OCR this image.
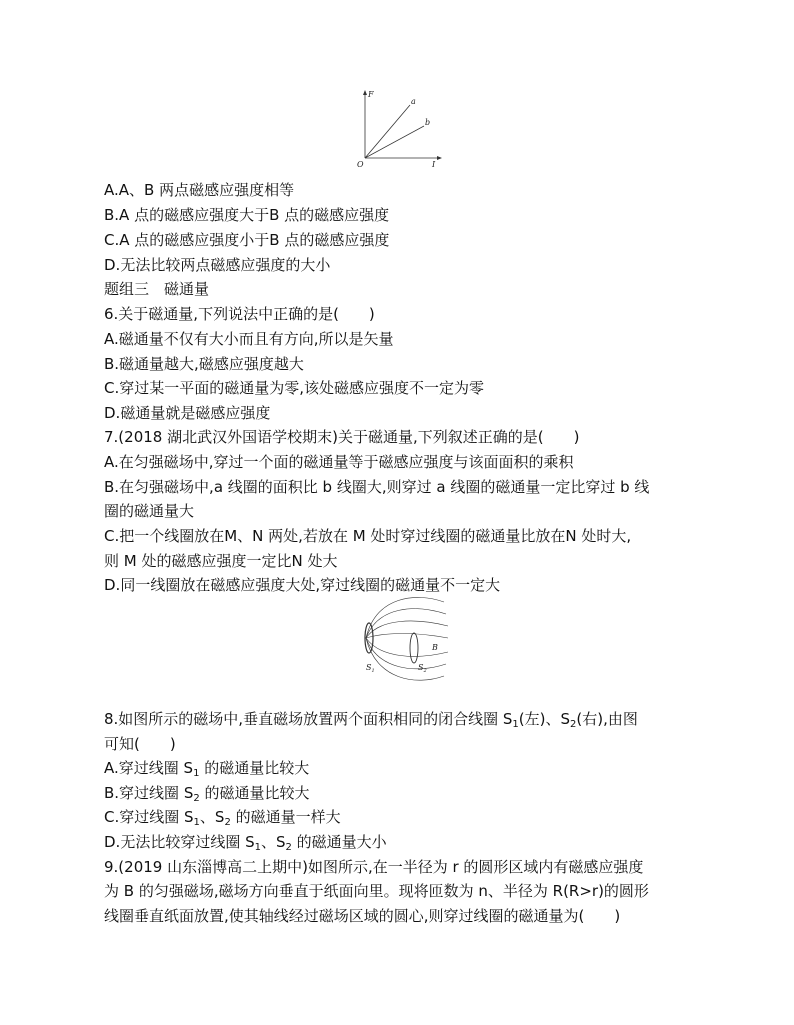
F
I
O
a
b
A.A、B 两点磁感应强度相等
B.A 点的磁感应强度大于B 点的磁感应强度
C.A 点的磁感应强度小于B 点的磁感应强度
D.无法比较两点磁感应强度的大小
题组三　磁通量
6.关于磁通量,下列说法中正确的是(　　)
A.磁通量不仅有大小而且有方向,所以是矢量
B.磁通量越大,磁感应强度越大
C.穿过某一平面的磁通量为零,该处磁感应强度不一定为零
D.磁通量就是磁感应强度
7.(2018 湖北武汉外国语学校期末)关于磁通量,下列叙述正确的是(　　)
A.在匀强磁场中,穿过一个面的磁通量等于磁感应强度与该面面积的乘积
B.在匀强磁场中,a 线圈的面积比 b 线圈大,则穿过 a 线圈的磁通量一定比穿过 b 线
圈的磁通量大
C.把一个线圈放在M、N 两处,若放在 M 处时穿过线圈的磁通量比放在N 处时大,
则 M 处的磁感应强度一定比N 处大
D.同一线圈放在磁感应强度大处,穿过线圈的磁通量不一定大
B
$S_1$	$S_2$
8.如图所示的磁场中,垂直磁场放置两个面积相同的闭合线圈 $S_1$(左)、$S_2$(右),由图
可知(　　)
A.穿过线圈 $S_1$ 的磁通量比较大
B.穿过线圈 $S_2$ 的磁通量比较大
C.穿过线圈 $S_1$、$S_2$ 的磁通量一样大
D.无法比较穿过线圈 $S_1$、$S_2$ 的磁通量大小
9.(2019 山东淄博高二上期中)如图所示,在一半径为 r 的圆形区域内有磁感应强度
为 B 的匀强磁场,磁场方向垂直于纸面向里。现将匝数为 n、半径为 R(R>r)的圆形
线圈垂直纸面放置,使其轴线经过磁场区域的圆心,则穿过线圈的磁通量为(　　)
